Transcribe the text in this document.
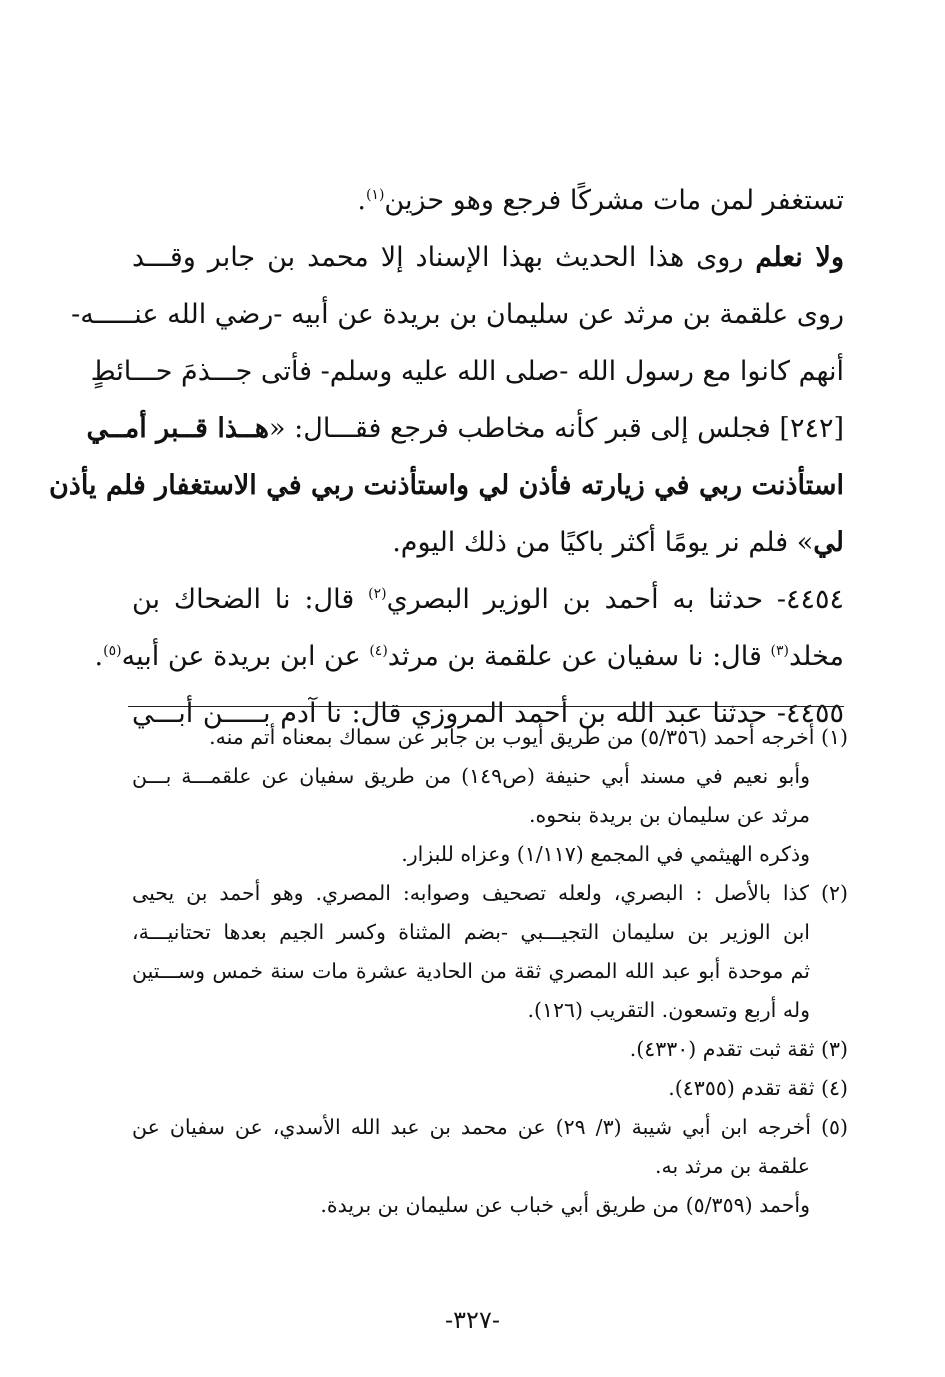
تستغفر لمن مات مشركًا فرجع وهو حزين$^{(١)}$.
ولا نعلم روى هذا الحديث بهذا الإسناد إلا محمد بن جابر وقـــد
روى علقمة بن مرثد عن سليمان بن بريدة عن أبيه -رضي الله عنـــــه-
أنهم كانوا مع رسول الله -صلى الله عليه وسلم- فأتى جـــذمَ حـــائطٍ
[٢٤٢] فجلس إلى قبر كأنه مخاطب فرجع فقـــال: «هــذا قــبر أمــي
استأذنت ربي في زيارته فأذن لي واستأذنت ربي في الاستغفار فلم يأذن
لي» فلم نر يومًا أكثر باكيًا من ذلك اليوم.
٤٤٥٤- حدثنا به أحمد بن الوزير البصري$^{(٢)}$ قال: نا الضحاك بن
مخلد$^{(٣)}$ قال: نا سفيان عن علقمة بن مرثد$^{(٤)}$ عن ابن بريدة عن أبيه$^{(٥)}$.
٤٤٥٥- حدثنا عبد الله بن أحمد المروزي قال: نا آدم بـــــن أبـــي
(١) أخرجه أحمد (٥/٣٥٦) من طريق أيوب بن جابر عن سماك بمعناه أتم منه.
وأبو نعيم في مسند أبي حنيفة (ص١٤٩) من طريق سفيان عن علقمـــة بـــن
مرثد عن سليمان بن بريدة بنحوه.
وذكره الهيثمي في المجمع (١/١١٧) وعزاه للبزار.
(٢) كذا بالأصل : البصري، ولعله تصحيف وصوابه: المصري. وهو أحمد بن يحيى
ابن الوزير بن سليمان التجيـــبي -بضم المثناة وكسر الجيم بعدها تحتانيـــة،
ثم موحدة أبو عبد الله المصري ثقة من الحادية عشرة مات سنة خمس وســـتين
وله أربع وتسعون. التقريب (١٢٦).
(٣) ثقة ثبت تقدم (٤٣٣٠).
(٤) ثقة تقدم (٤٣٥٥).
(٥) أخرجه ابن أبي شيبة (٣/ ٢٩) عن محمد بن عبد الله الأسدي، عن سفيان عن
علقمة بن مرثد به.
وأحمد (٥/٣٥٩) من طريق أبي خباب عن سليمان بن بريدة.
-٣٢٧-
